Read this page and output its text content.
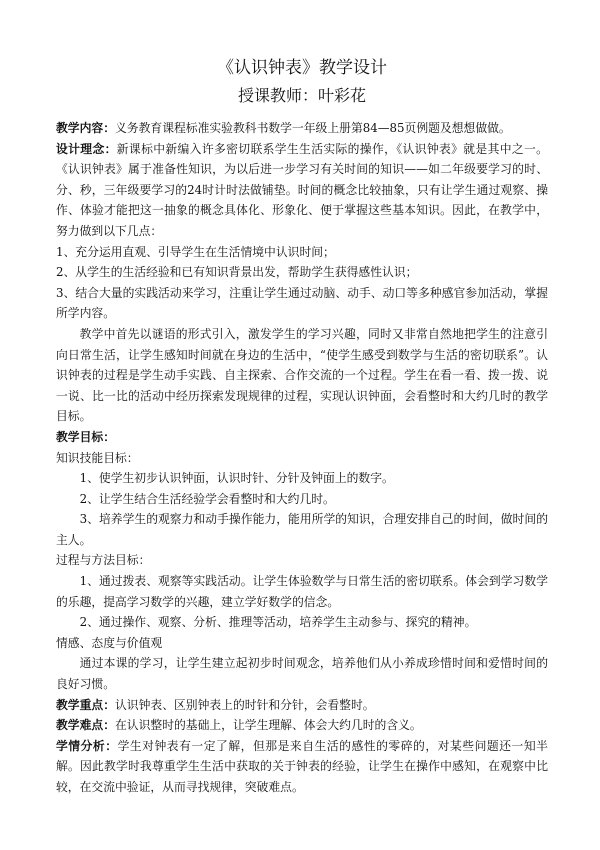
《认识钟表》教学设计

授课教师：叶彩花

教学内容：义务教育课程标准实验教科书数学一年级上册第84—85页例题及想想做做。

设计理念：新课标中新编入许多密切联系学生生活实际的操作，《认识钟表》就是其中之一。《认识钟表》属于准备性知识，为以后进一步学习有关时间的知识——如二年级要学习的时、分、秒，三年级要学习的24时计时法做铺垫。时间的概念比较抽象，只有让学生通过观察、操作、体验才能把这一抽象的概念具体化、形象化、便于掌握这些基本知识。因此，在教学中，努力做到以下几点：

1、充分运用直观、引导学生在生活情境中认识时间；

2、从学生的生活经验和已有知识背景出发，帮助学生获得感性认识；

3、结合大量的实践活动来学习，注重让学生通过动脑、动手、动口等多种感官参加活动，掌握所学内容。

教学中首先以谜语的形式引入，激发学生的学习兴趣，同时又非常自然地把学生的注意引向日常生活，让学生感知时间就在身边的生活中，“使学生感受到数学与生活的密切联系”。认识钟表的过程是学生动手实践、自主探索、合作交流的一个过程。学生在看一看、拨一拨、说一说、比一比的活动中经历探索发现规律的过程，实现认识钟面，会看整时和大约几时的教学目标。

教学目标：

知识技能目标：

1、使学生初步认识钟面，认识时针、分针及钟面上的数字。

2、让学生结合生活经验学会看整时和大约几时。

3、培养学生的观察力和动手操作能力，能用所学的知识，合理安排自己的时间，做时间的主人。

过程与方法目标：

1、通过拨表、观察等实践活动。让学生体验数学与日常生活的密切联系。体会到学习数学的乐趣，提高学习数学的兴趣，建立学好数学的信念。

2、通过操作、观察、分析、推理等活动，培养学生主动参与、探究的精神。

情感、态度与价值观

通过本课的学习，让学生建立起初步时间观念，培养他们从小养成珍惜时间和爱惜时间的良好习惯。

教学重点：认识钟表、区别钟表上的时针和分针，会看整时。

教学难点：在认识整时的基础上，让学生理解、体会大约几时的含义。

学情分析：学生对钟表有一定了解，但那是来自生活的感性的零碎的，对某些问题还一知半解。因此教学时我尊重学生生活中获取的关于钟表的经验，让学生在操作中感知，在观察中比较，在交流中验证，从而寻找规律，突破难点。
